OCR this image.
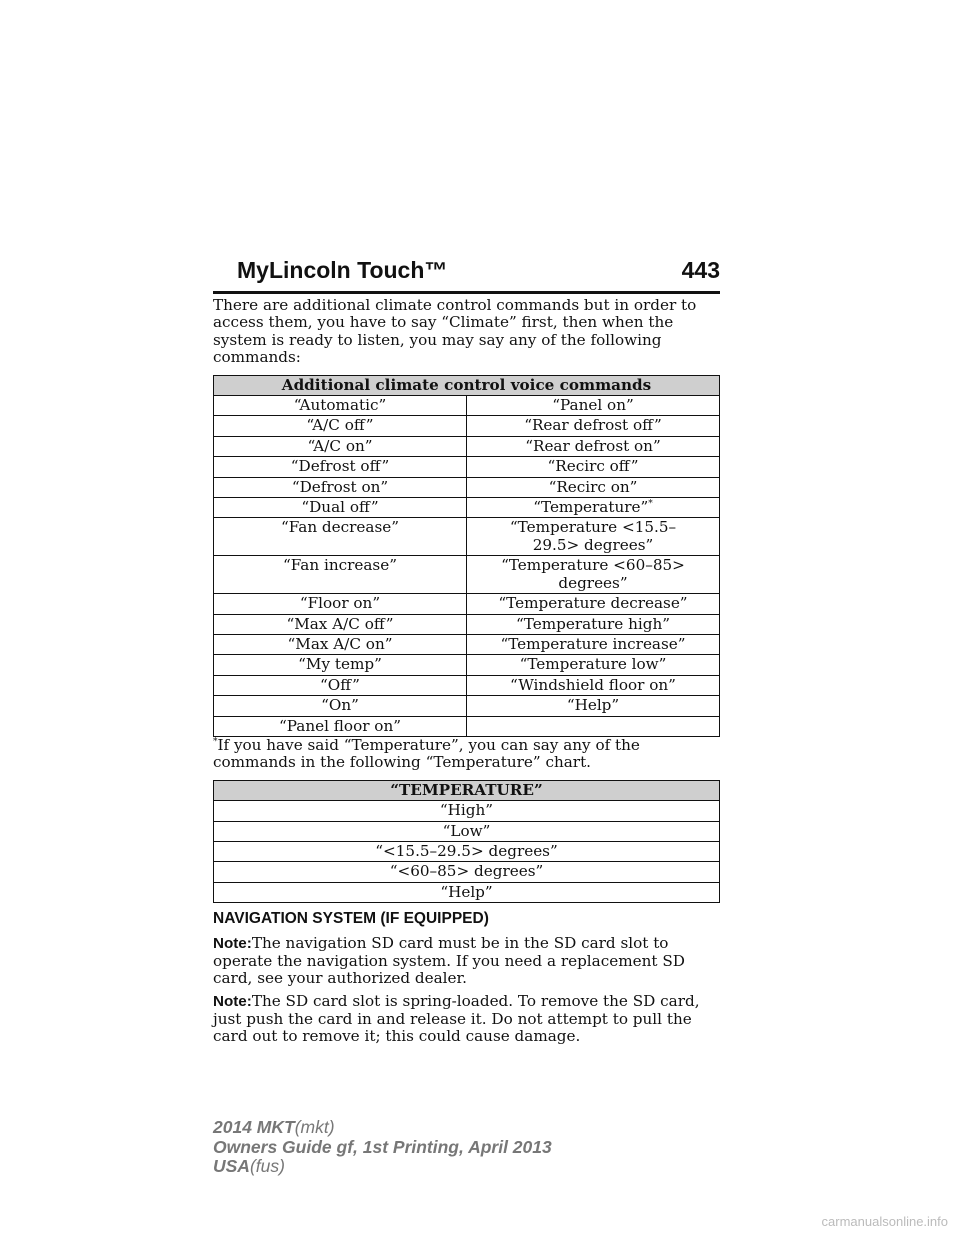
MyLincoln Touch™	443

There are additional climate control commands but in order to access them, you have to say “Climate” first, then when the system is ready to listen, you may say any of the following commands:

Additional climate control voice commands	
“Automatic”	“Panel on”
“A/C off”	“Rear defrost off”
“A/C on”	“Rear defrost on”
“Defrost off”	“Recirc off”
“Defrost on”	“Recirc on”
“Dual off”	“Temperature”*
“Fan decrease”	“Temperature <15.5–29.5> degrees”
“Fan increase”	“Temperature <60–85> degrees”
“Floor on”	“Temperature decrease”
“Max A/C off”	“Temperature high”
“Max A/C on”	“Temperature increase”
“My temp”	“Temperature low”
“Off”	“Windshield floor on”
“On”	“Help”
“Panel floor on”	

*If you have said “Temperature”, you can say any of the commands in the following “Temperature” chart.

“TEMPERATURE”
“High”
“Low”
“<15.5–29.5> degrees”
“<60–85> degrees”
“Help”
NAVIGATION SYSTEM (IF EQUIPPED)

Note:The navigation SD card must be in the SD card slot to operate the navigation system. If you need a replacement SD card, see your authorized dealer.

Note:The SD card slot is spring-loaded. To remove the SD card, just push the card in and release it. Do not attempt to pull the card out to remove it; this could cause damage.

2014 MKT(mkt)
Owners Guide gf, 1st Printing, April 2013
USA(fus)
carmanualsonline.info
